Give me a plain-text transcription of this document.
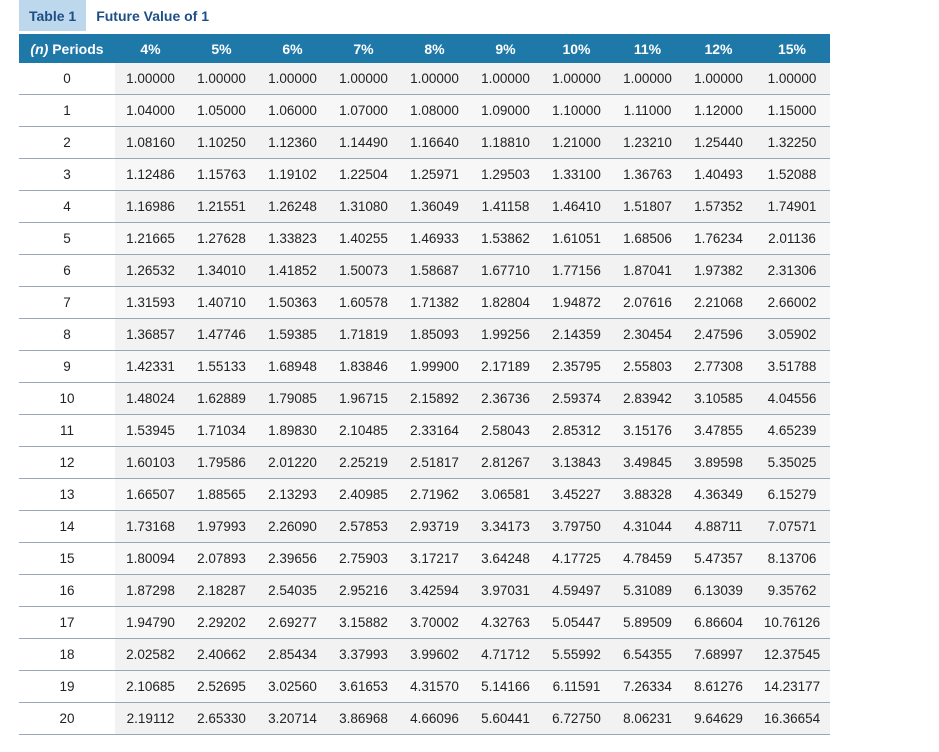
Table 1	Future Value of 1
(n) Periods	4%	5%	6%	7%	8%	9%	10%	11%	12%	15%
0	1.00000	1.00000	1.00000	1.00000	1.00000	1.00000	1.00000	1.00000	1.00000	1.00000
1	1.04000	1.05000	1.06000	1.07000	1.08000	1.09000	1.10000	1.11000	1.12000	1.15000
2	1.08160	1.10250	1.12360	1.14490	1.16640	1.18810	1.21000	1.23210	1.25440	1.32250
3	1.12486	1.15763	1.19102	1.22504	1.25971	1.29503	1.33100	1.36763	1.40493	1.52088
4	1.16986	1.21551	1.26248	1.31080	1.36049	1.41158	1.46410	1.51807	1.57352	1.74901
5	1.21665	1.27628	1.33823	1.40255	1.46933	1.53862	1.61051	1.68506	1.76234	2.01136
6	1.26532	1.34010	1.41852	1.50073	1.58687	1.67710	1.77156	1.87041	1.97382	2.31306
7	1.31593	1.40710	1.50363	1.60578	1.71382	1.82804	1.94872	2.07616	2.21068	2.66002
8	1.36857	1.47746	1.59385	1.71819	1.85093	1.99256	2.14359	2.30454	2.47596	3.05902
9	1.42331	1.55133	1.68948	1.83846	1.99900	2.17189	2.35795	2.55803	2.77308	3.51788
10	1.48024	1.62889	1.79085	1.96715	2.15892	2.36736	2.59374	2.83942	3.10585	4.04556
11	1.53945	1.71034	1.89830	2.10485	2.33164	2.58043	2.85312	3.15176	3.47855	4.65239
12	1.60103	1.79586	2.01220	2.25219	2.51817	2.81267	3.13843	3.49845	3.89598	5.35025
13	1.66507	1.88565	2.13293	2.40985	2.71962	3.06581	3.45227	3.88328	4.36349	6.15279
14	1.73168	1.97993	2.26090	2.57853	2.93719	3.34173	3.79750	4.31044	4.88711	7.07571
15	1.80094	2.07893	2.39656	2.75903	3.17217	3.64248	4.17725	4.78459	5.47357	8.13706
16	1.87298	2.18287	2.54035	2.95216	3.42594	3.97031	4.59497	5.31089	6.13039	9.35762
17	1.94790	2.29202	2.69277	3.15882	3.70002	4.32763	5.05447	5.89509	6.86604	10.76126
18	2.02582	2.40662	2.85434	3.37993	3.99602	4.71712	5.55992	6.54355	7.68997	12.37545
19	2.10685	2.52695	3.02560	3.61653	4.31570	5.14166	6.11591	7.26334	8.61276	14.23177
20	2.19112	2.65330	3.20714	3.86968	4.66096	5.60441	6.72750	8.06231	9.64629	16.36654
